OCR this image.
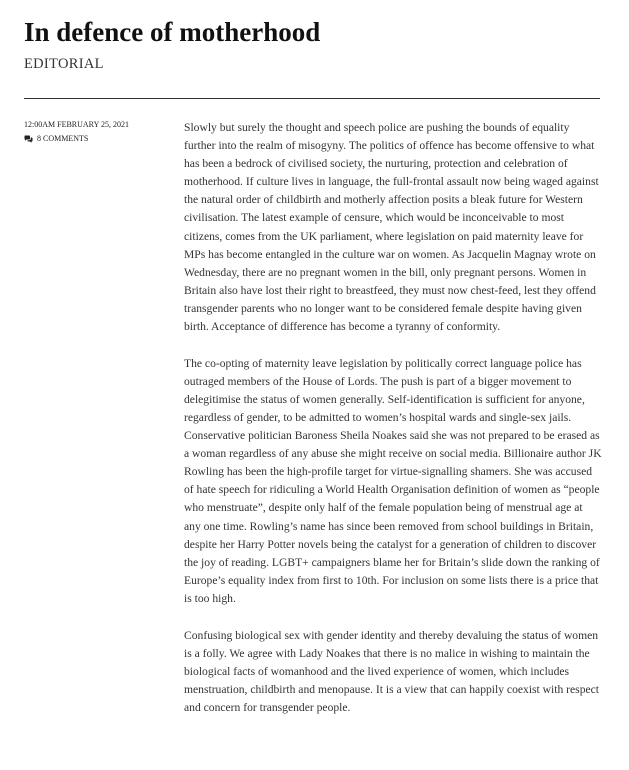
In defence of motherhood
EDITORIAL
12:00AM FEBRUARY 25, 2021
8 COMMENTS

Slowly but surely the thought and speech police are pushing the bounds of equality further into the realm of misogyny. The politics of offence has become offensive to what has been a bedrock of civilised society, the nurturing, protection and celebration of motherhood. If culture lives in language, the full-frontal assault now being waged against the natural order of childbirth and motherly affection posits a bleak future for Western civilisation. The latest example of censure, which would be inconceivable to most citizens, comes from the UK parliament, where legislation on paid maternity leave for MPs has become entangled in the culture war on women. As Jacquelin Magnay wrote on Wednesday, there are no pregnant women in the bill, only pregnant persons. Women in Britain also have lost their right to breastfeed, they must now chest-feed, lest they offend transgender parents who no longer want to be considered female despite having given birth. Acceptance of difference has become a tyranny of conformity.

The co-opting of maternity leave legislation by politically correct language police has outraged members of the House of Lords. The push is part of a bigger movement to delegitimise the status of women generally. Self-identification is sufficient for anyone, regardless of gender, to be admitted to women’s hospital wards and single-sex jails. Conservative politician Baroness Sheila Noakes said she was not prepared to be erased as a woman regardless of any abuse she might receive on social media. Billionaire author JK Rowling has been the high-profile target for virtue-signalling shamers. She was accused of hate speech for ridiculing a World Health Organisation definition of women as “people who menstruate”, despite only half of the female population being of menstrual age at any one time. Rowling’s name has since been removed from school buildings in Britain, despite her Harry Potter novels being the catalyst for a generation of children to discover the joy of reading. LGBT+ campaigners blame her for Britain’s slide down the ranking of Europe’s equality index from first to 10th. For inclusion on some lists there is a price that is too high.

Confusing biological sex with gender identity and thereby devaluing the status of women is a folly. We agree with Lady Noakes that there is no malice in wishing to maintain the biological facts of womanhood and the lived experience of women, which includes menstruation, childbirth and menopause. It is a view that can happily coexist with respect and concern for transgender people.
